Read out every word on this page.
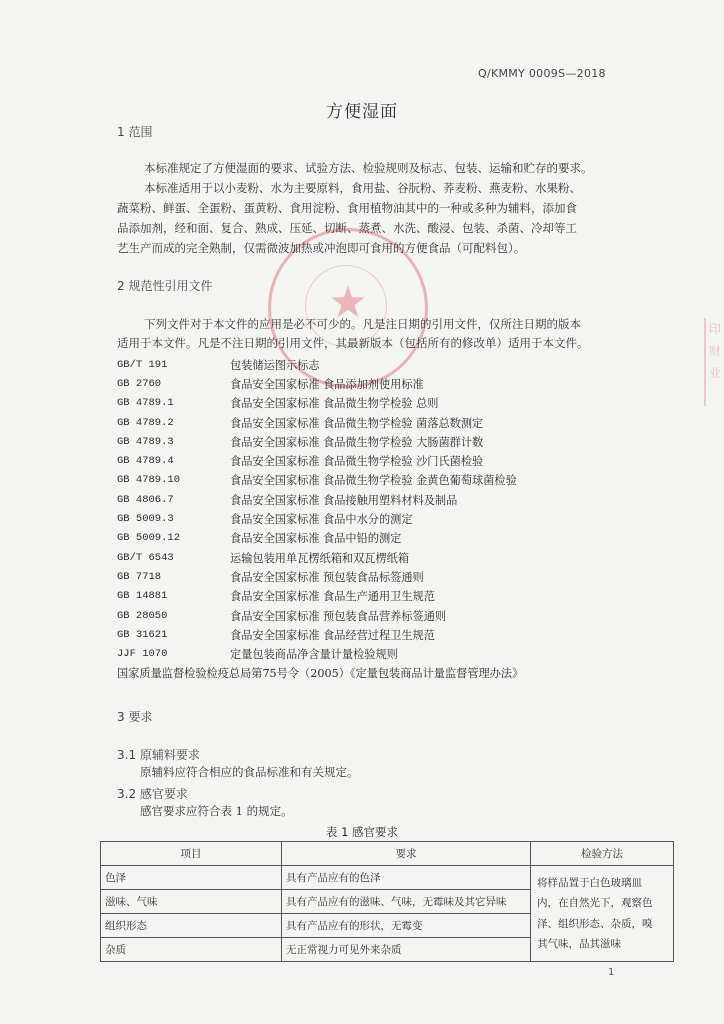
★
印
财
业
Q/KMMY 0009S—2018
方便湿面
1 范围
本标准规定了方便湿面的要求、试验方法、检验规则及标志、包装、运输和贮存的要求。
本标准适用于以小麦粉、水为主要原料，食用盐、谷朊粉、荞麦粉、燕麦粉、水果粉、
蔬菜粉、鲜蛋、全蛋粉、蛋黄粉、食用淀粉、食用植物油其中的一种或多种为辅料，添加食
品添加剂，经和面、复合、熟成、压延、切断、蒸煮、水洗、酸浸、包装、杀菌、冷却等工
艺生产而成的完全熟制，仅需微波加热或冲泡即可食用的方便食品（可配料包）。
2 规范性引用文件
下列文件对于本文件的应用是必不可少的。凡是注日期的引用文件，仅所注日期的版本
适用于本文件。凡是不注日期的引用文件，其最新版本（包括所有的修改单）适用于本文件。
GB/T 191	包装储运图示标志
GB 2760	食品安全国家标准 食品添加剂使用标准
GB 4789.1	食品安全国家标准 食品微生物学检验 总则
GB 4789.2	食品安全国家标准 食品微生物学检验 菌落总数测定
GB 4789.3	食品安全国家标准 食品微生物学检验 大肠菌群计数
GB 4789.4	食品安全国家标准 食品微生物学检验 沙门氏菌检验
GB 4789.10	食品安全国家标准 食品微生物学检验 金黄色葡萄球菌检验
GB 4806.7	食品安全国家标准 食品接触用塑料材料及制品
GB 5009.3	食品安全国家标准 食品中水分的测定
GB 5009.12	食品安全国家标准 食品中铅的测定
GB/T 6543	运输包装用单瓦楞纸箱和双瓦楞纸箱
GB 7718	食品安全国家标准 预包装食品标签通则
GB 14881	食品安全国家标准 食品生产通用卫生规范
GB 28050	食品安全国家标准 预包装食品营养标签通则
GB 31621	食品安全国家标准 食品经营过程卫生规范
JJF 1070	定量包装商品净含量计量检验规则
国家质量监督检验检疫总局第75号令（2005）《定量包装商品计量监督管理办法》
3 要求
3.1 原辅料要求
原辅料应符合相应的食品标准和有关规定。
3.2 感官要求
感官要求应符合表 1 的规定。
表 1 感官要求
项目	要求	检验方法
色泽	具有产品应有的色泽	将样品置于白色玻璃皿
内，在自然光下，观察色
泽、组织形态、杂质，嗅
其气味，品其滋味

滋味、气味	具有产品应有的滋味、气味，无霉味及其它异味	
组织形态	具有产品应有的形状，无霉变	
杂质	无正常视力可见外来杂质	
1
